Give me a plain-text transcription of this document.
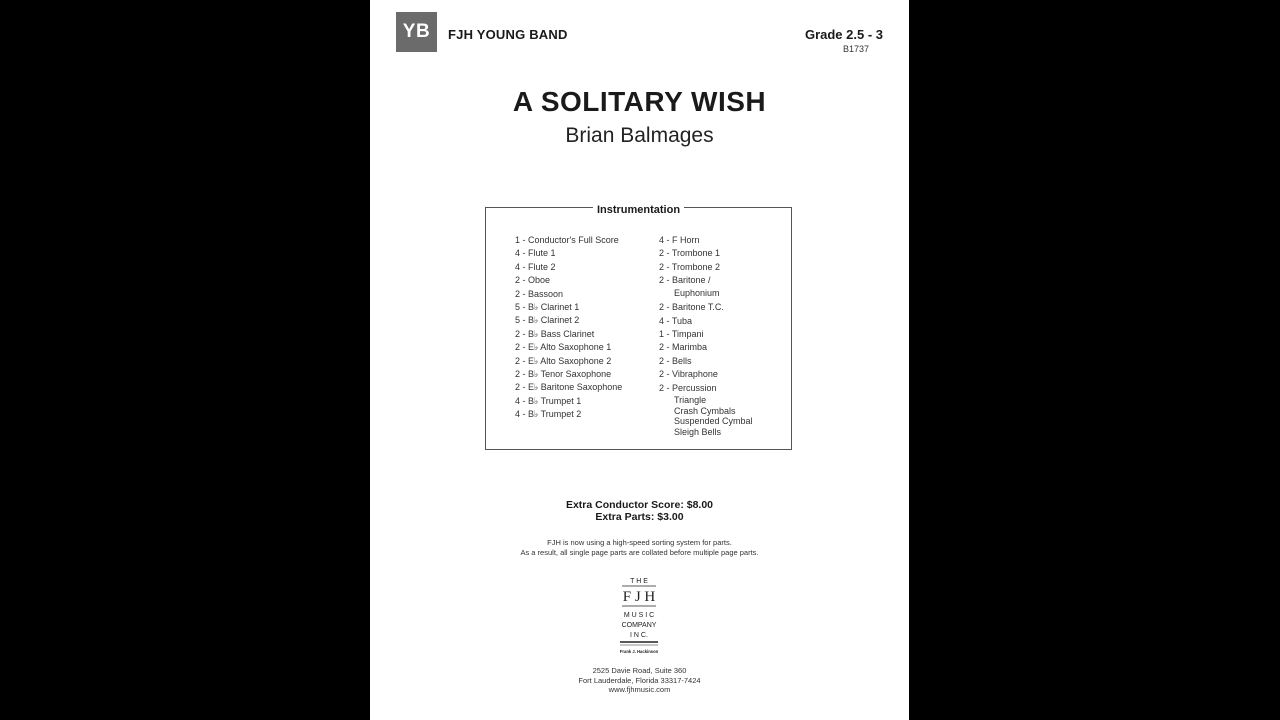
YB FJH YOUNG BAND	Grade 2.5 - 3
B1737
A SOLITARY WISH
Brian Balmages
Instrumentation
1 - Conductor's Full Score
4 - Flute 1
4 - Flute 2
2 - Oboe
2 - Bassoon
5 - B♭ Clarinet 1
5 - B♭ Clarinet 2
2 - B♭ Bass Clarinet
2 - E♭ Alto Saxophone 1
2 - E♭ Alto Saxophone 2
2 - B♭ Tenor Saxophone
2 - E♭ Baritone Saxophone
4 - B♭ Trumpet 1
4 - B♭ Trumpet 2
4 - F Horn
2 - Trombone 1
2 - Trombone 2
2 - Baritone /
Euphonium
2 - Baritone T.C.
4 - Tuba
1 - Timpani
2 - Marimba
2 - Bells
2 - Vibraphone
2 - Percussion
Triangle
Crash Cymbals
Suspended Cymbal
Sleigh Bells
Extra Conductor Score: $8.00
Extra Parts: $3.00
FJH is now using a high-speed sorting system for parts.
As a result, all single page parts are collated before multiple page parts.
T H E
F J H
M U S I C
COMPANY
I N C.
Frank J. Hackinson
2525 Davie Road, Suite 360
Fort Lauderdale, Florida 33317-7424
www.fjhmusic.com
